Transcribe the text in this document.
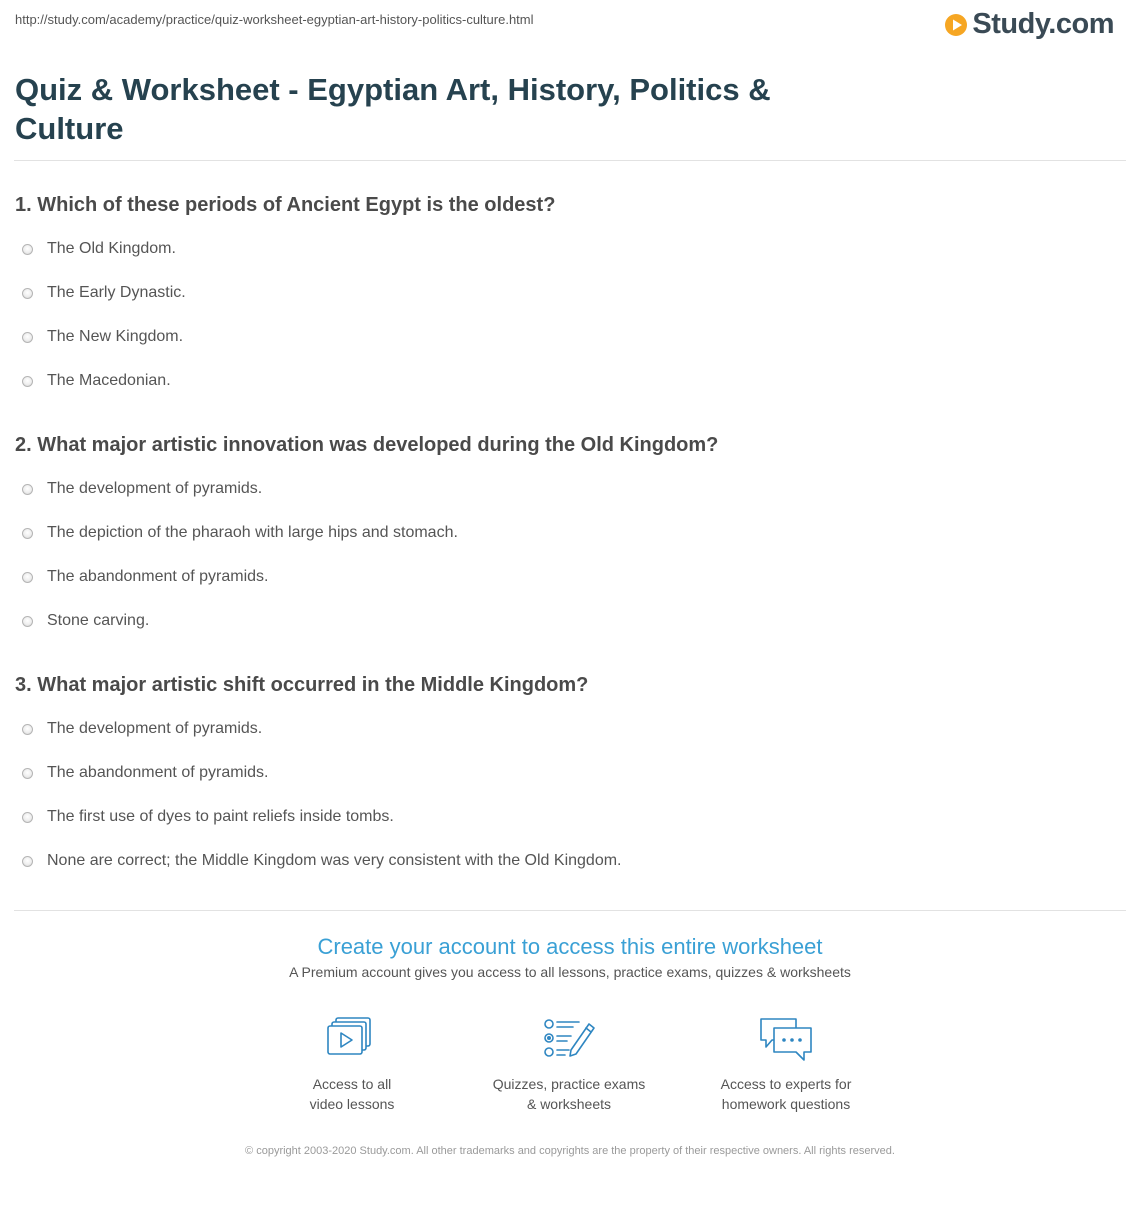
http://study.com/academy/practice/quiz-worksheet-egyptian-art-history-politics-culture.html	Study.com
Quiz & Worksheet - Egyptian Art, History, Politics & Culture
1. Which of these periods of Ancient Egypt is the oldest?
The Old Kingdom.
The Early Dynastic.
The New Kingdom.
The Macedonian.
2. What major artistic innovation was developed during the Old Kingdom?
The development of pyramids.
The depiction of the pharaoh with large hips and stomach.
The abandonment of pyramids.
Stone carving.
3. What major artistic shift occurred in the Middle Kingdom?
The development of pyramids.
The abandonment of pyramids.
The first use of dyes to paint reliefs inside tombs.
None are correct; the Middle Kingdom was very consistent with the Old Kingdom.
Create your account to access this entire worksheet
A Premium account gives you access to all lessons, practice exams, quizzes & worksheets
Access to all
video lessons
Quizzes, practice exams
& worksheets
Access to experts for
homework questions
© copyright 2003-2020 Study.com. All other trademarks and copyrights are the property of their respective owners. All rights reserved.
